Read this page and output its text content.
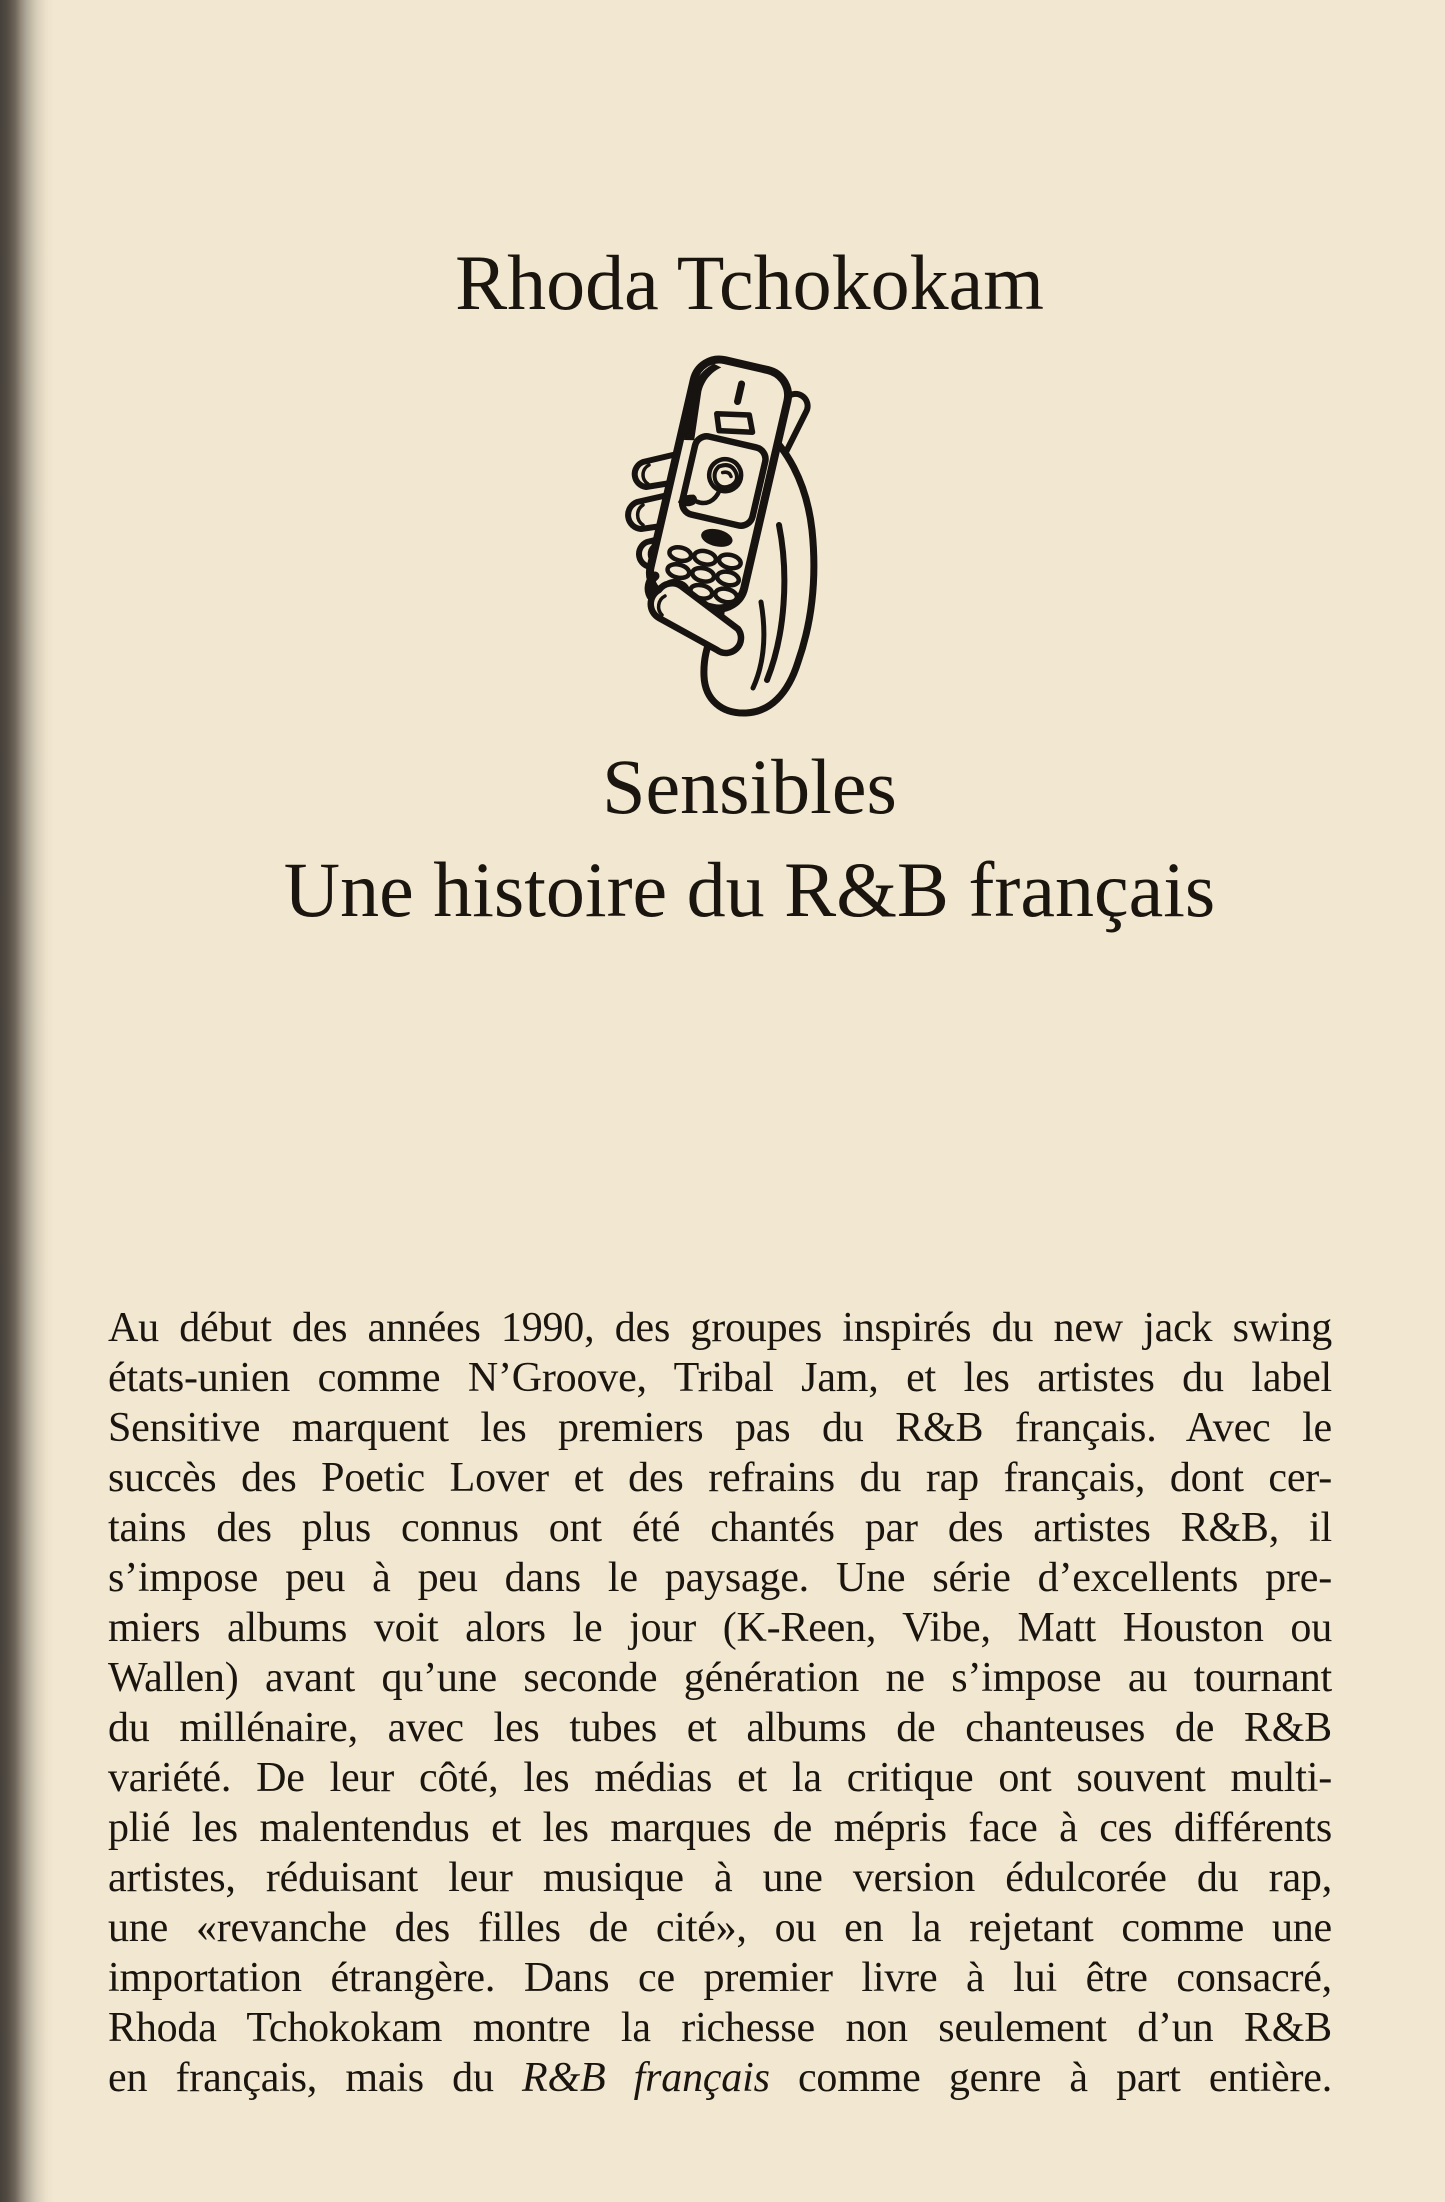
Rhoda Tchokokam
Sensibles
Une histoire du R&B français
Au début des années 1990, des groupes inspirés du new jack swing
états-unien comme N’Groove, Tribal Jam, et les artistes du label
Sensitive marquent les premiers pas du R&B français. Avec le
succès des Poetic Lover et des refrains du rap français, dont cer-
tains des plus connus ont été chantés par des artistes R&B, il
s’impose peu à peu dans le paysage. Une série d’excellents pre-
miers albums voit alors le jour (K-Reen, Vibe, Matt Houston ou
Wallen) avant qu’une seconde génération ne s’impose au tournant
du millénaire, avec les tubes et albums de chanteuses de R&B
variété. De leur côté, les médias et la critique ont souvent multi-
plié les malentendus et les marques de mépris face à ces différents
artistes, réduisant leur musique à une version édulcorée du rap,
une «revanche des filles de cité», ou en la rejetant comme une
importation étrangère. Dans ce premier livre à lui être consacré,
Rhoda Tchokokam montre la richesse non seulement d’un R&B
en français, mais du R&B français comme genre à part entière.
